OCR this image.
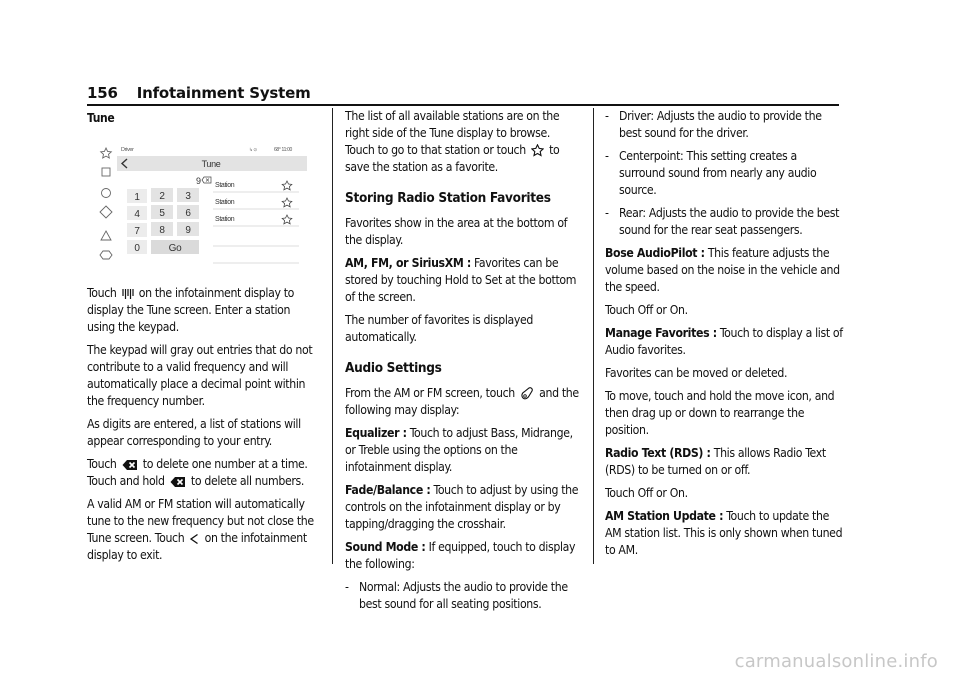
156 Infotainment System
Tune
Driver	↳ ⊙	68° 11:00
Tune
9
1 2 3
4 5 6
7 8 9
0	Go
Station
Station
Station

Touch  on the infotainment display to display the Tune screen. Enter a station using the keypad.

The keypad will gray out entries that do not contribute to a valid frequency and will automatically place a decimal point within the frequency number.

As digits are entered, a list of stations will appear corresponding to your entry.

Touch  to delete one number at a time. Touch and hold  to delete all numbers.

A valid AM or FM station will automatically tune to the new frequency but not close the Tune screen. Touch  on the infotainment display to exit.

The list of all available stations are on the right side of the Tune display to browse. Touch to go to that station or touch  to save the station as a favorite.

Storing Radio Station Favorites

Favorites show in the area at the bottom of the display.

AM, FM, or SiriusXM : Favorites can be stored by touching Hold to Set at the bottom of the screen.

The number of favorites is displayed automatically.

Audio Settings

From the AM or FM screen, touch  and the following may display:

Equalizer : Touch to adjust Bass, Midrange, or Treble using the options on the infotainment display.

Fade/Balance : Touch to adjust by using the controls on the infotainment display or by tapping/dragging the crosshair.

Sound Mode : If equipped, touch to display the following:

- Normal: Adjusts the audio to provide the best sound for all seating positions.

- Driver: Adjusts the audio to provide the best sound for the driver.

- Centerpoint: This setting creates a surround sound from nearly any audio source.

- Rear: Adjusts the audio to provide the best sound for the rear seat passengers.

Bose AudioPilot : This feature adjusts the volume based on the noise in the vehicle and the speed.

Touch Off or On.

Manage Favorites : Touch to display a list of Audio favorites.

Favorites can be moved or deleted.

To move, touch and hold the move icon, and then drag up or down to rearrange the position.

Radio Text (RDS) : This allows Radio Text (RDS) to be turned on or off.

Touch Off or On.

AM Station Update : Touch to update the AM station list. This is only shown when tuned to AM.

carmanualsonline.info
